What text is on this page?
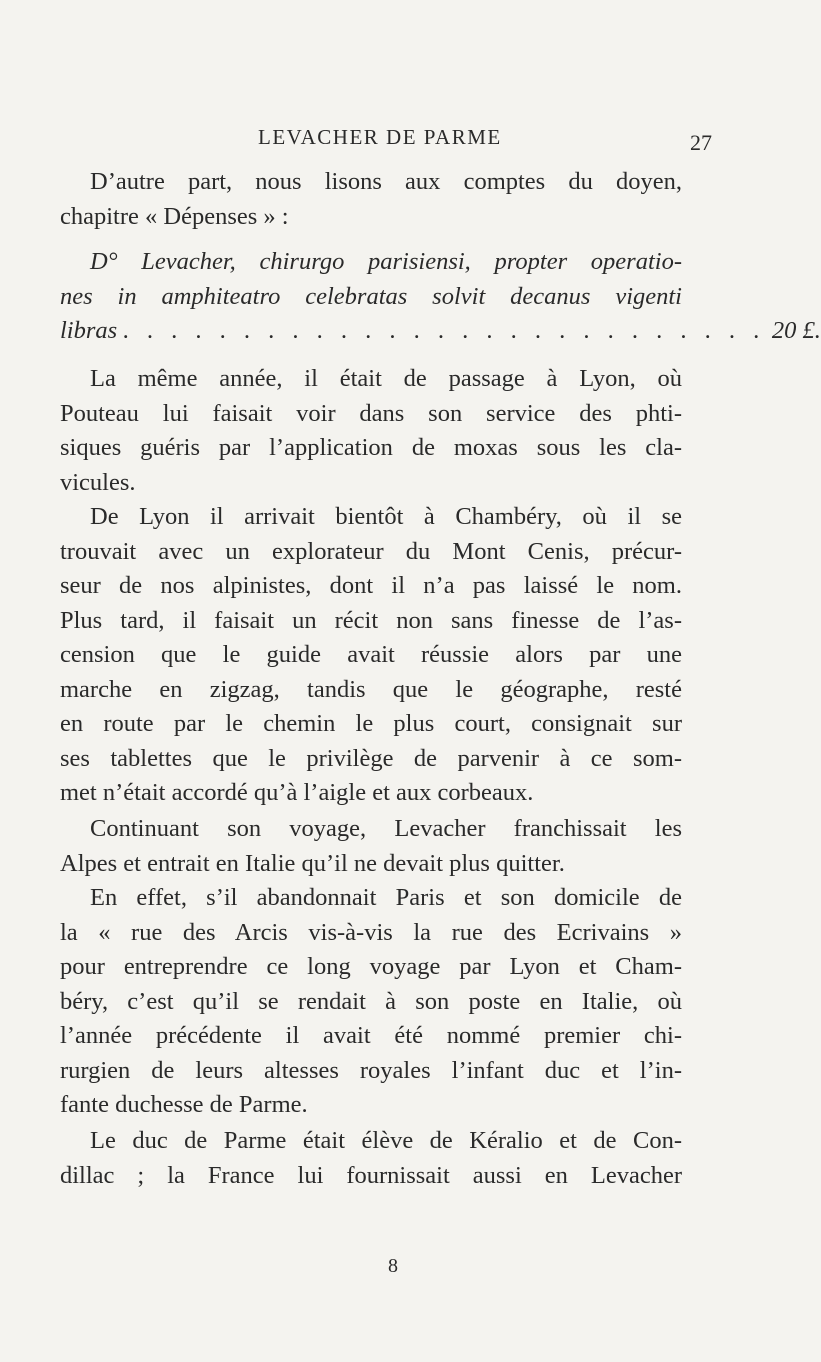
LEVACHER DE PARME	27

D’autre part, nous lisons aux comptes du doyen,
chapitre « Dépenses » :

D° Levacher, chirurgo parisiensi, propter operatio-
nes in amphiteatro celebratas solvit decanus vigenti
libras . . . . . . . . . . . . . . . . . . . . . . . . . . . 20 £.

La même année, il était de passage à Lyon, où
Pouteau lui faisait voir dans son service des phti-
siques guéris par l’application de moxas sous les cla-
vicules.

De Lyon il arrivait bientôt à Chambéry, où il se
trouvait avec un explorateur du Mont Cenis, précur-
seur de nos alpinistes, dont il n’a pas laissé le nom.
Plus tard, il faisait un récit non sans finesse de l’as-
cension que le guide avait réussie alors par une
marche en zigzag, tandis que le géographe, resté
en route par le chemin le plus court, consignait sur
ses tablettes que le privilège de parvenir à ce som-
met n’était accordé qu’à l’aigle et aux corbeaux.

Continuant son voyage, Levacher franchissait les
Alpes et entrait en Italie qu’il ne devait plus quitter.

En effet, s’il abandonnait Paris et son domicile de
la « rue des Arcis vis-à-vis la rue des Ecrivains »
pour entreprendre ce long voyage par Lyon et Cham-
béry, c’est qu’il se rendait à son poste en Italie, où
l’année précédente il avait été nommé premier chi-
rurgien de leurs altesses royales l’infant duc et l’in-
fante duchesse de Parme.

Le duc de Parme était élève de Kéralio et de Con-
dillac ; la France lui fournissait aussi en Levacher

8
